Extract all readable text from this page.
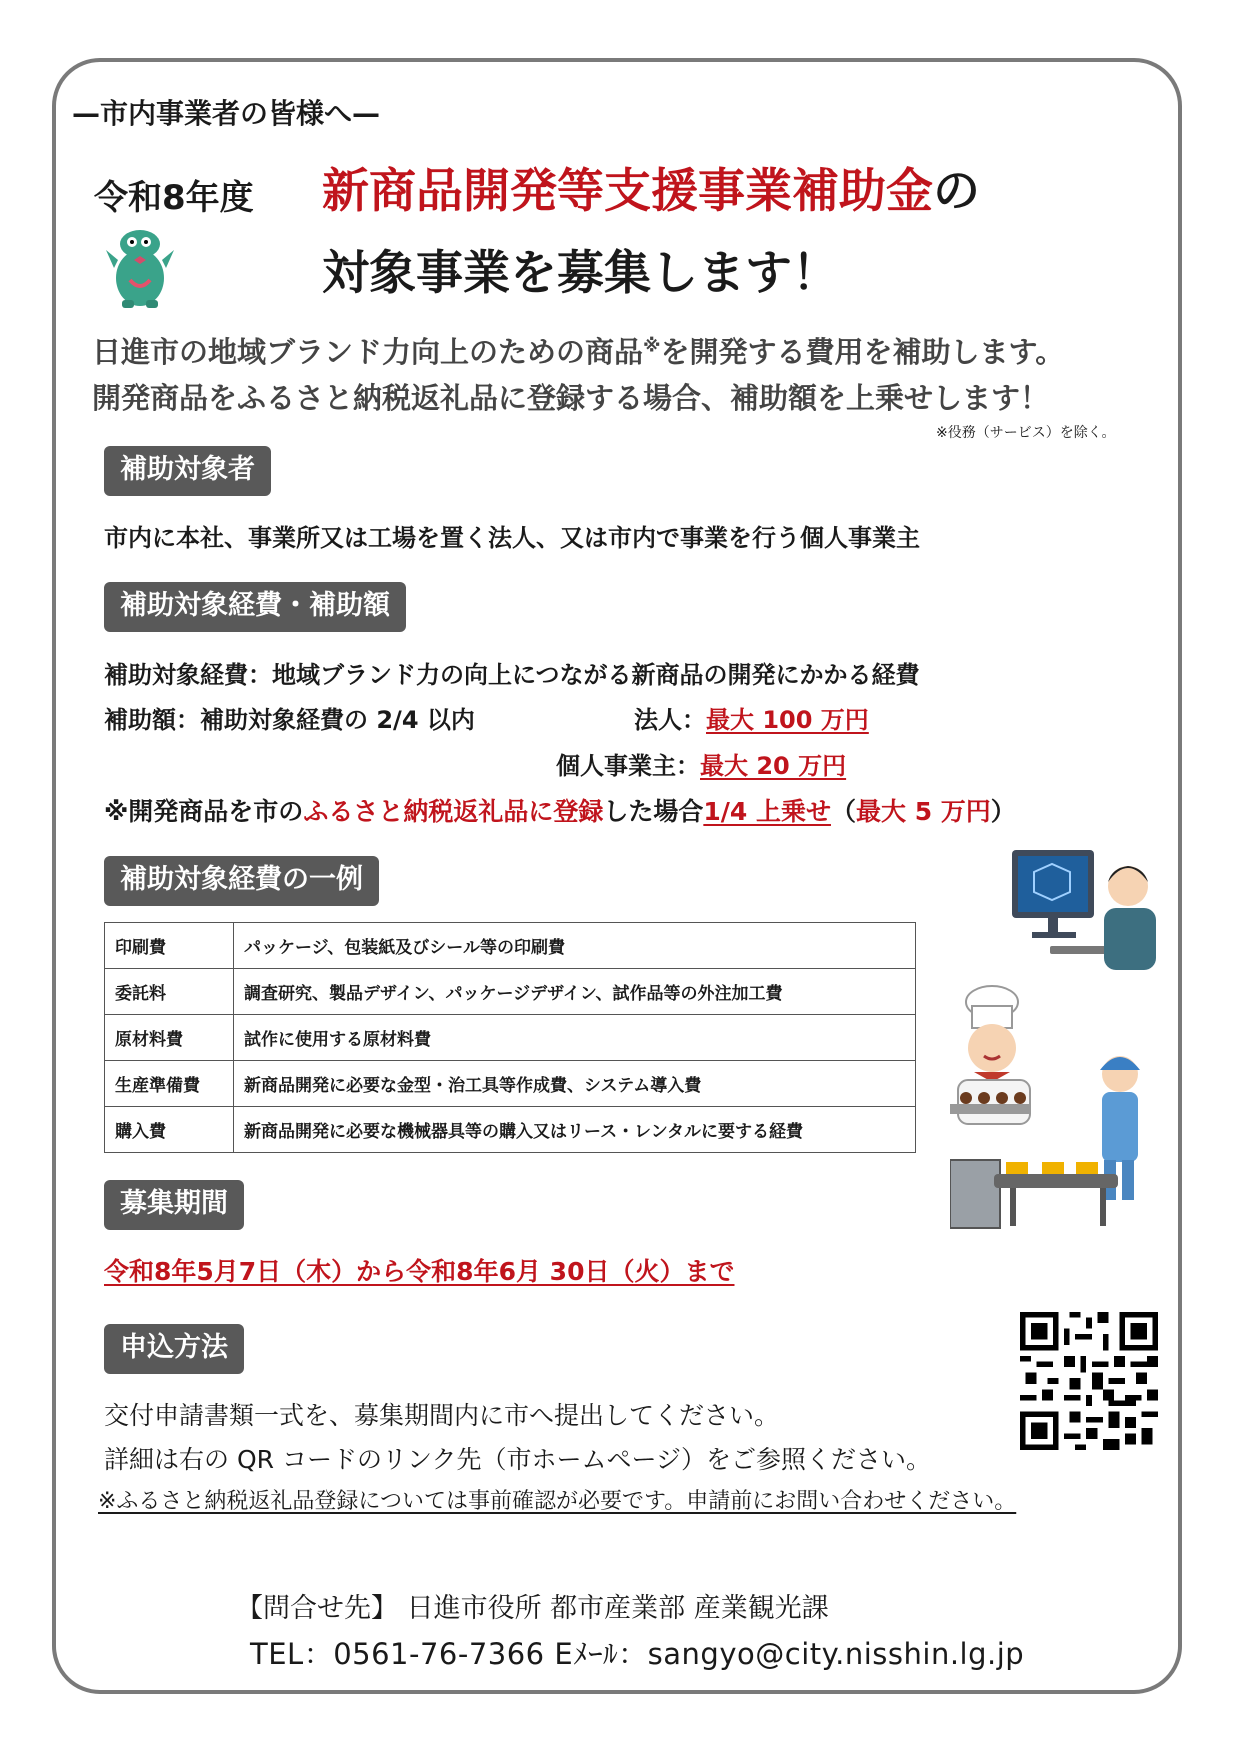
—市内事業者の皆様へ—
令和8年度 新商品開発等支援事業補助金の
対象事業を募集します！
日進市の地域ブランド力向上のための商品※を開発する費用を補助します。
開発商品をふるさと納税返礼品に登録する場合、補助額を上乗せします！
※役務（サービス）を除く。
補助対象者
市内に本社、事業所又は工場を置く法人、又は市内で事業を行う個人事業主
補助対象経費・補助額
補助対象経費：地域ブランド力の向上につながる新商品の開発にかかる経費
補助額：補助対象経費の 2/4 以内	法人：最大 100 万円
個人事業主：最大 20 万円
※開発商品を市のふるさと納税返礼品に登録した場合1/4 上乗せ（最大 5 万円）
補助対象経費の一例
印刷費	パッケージ、包装紙及びシール等の印刷費
委託料	調査研究、製品デザイン、パッケージデザイン、試作品等の外注加工費
原材料費	試作に使用する原材料費
生産準備費	新商品開発に必要な金型・治工具等作成費、システム導入費
購入費	新商品開発に必要な機械器具等の購入又はリース・レンタルに要する経費
募集期間
令和8年5月7日（木）から令和8年6月 30日（火）まで
申込方法
交付申請書類一式を、募集期間内に市へ提出してください。
詳細は右の QR コードのリンク先（市ホームページ）をご参照ください。
※ふるさと納税返礼品登録については事前確認が必要です。申請前にお問い合わせください。
【問合せ先】 日進市役所 都市産業部 産業観光課
TEL：0561-76-7366 Eﾒｰﾙ：sangyo@city.nisshin.lg.jp
